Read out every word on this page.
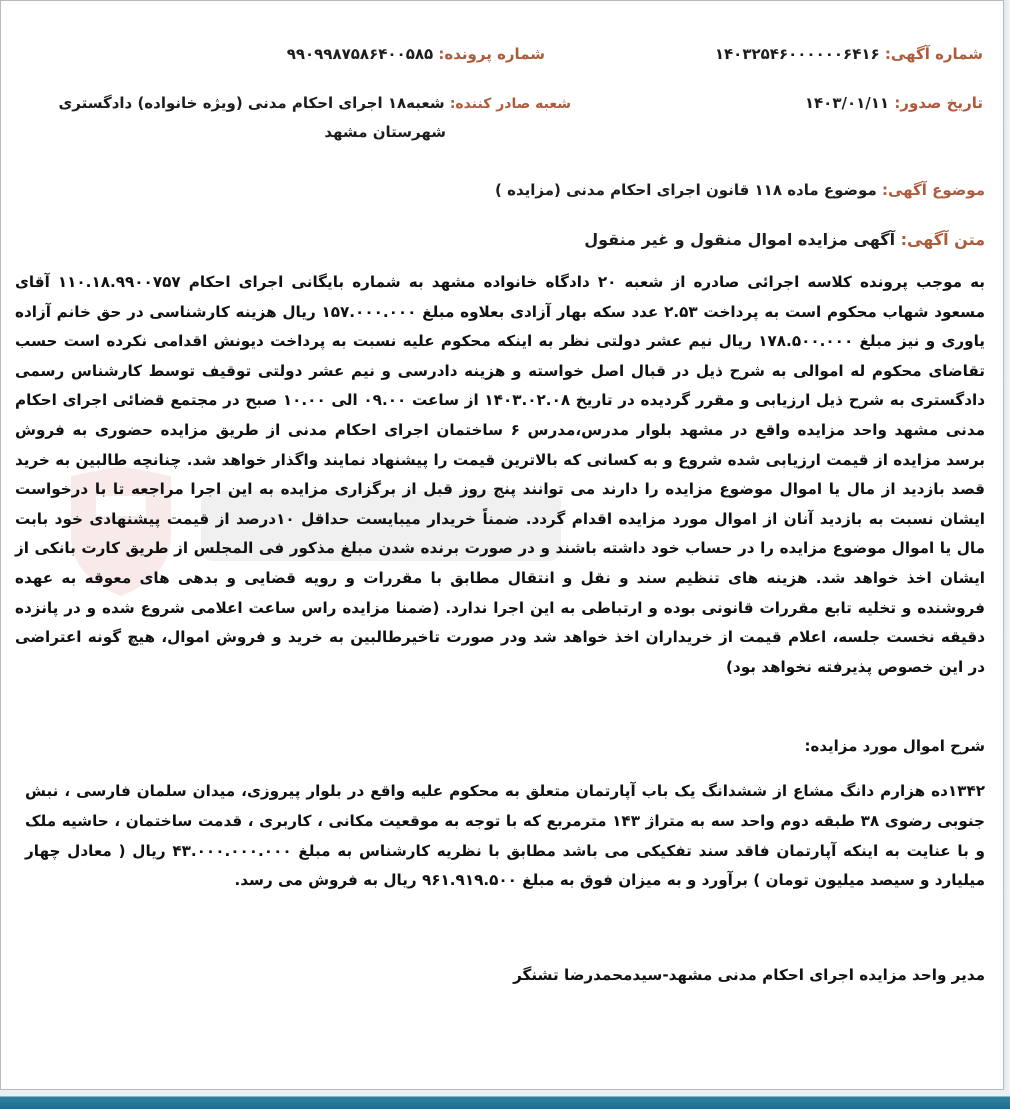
شماره آگهی: ۱۴۰۳۲۵۴۶۰۰۰۰۰۰۶۴۱۶
شماره پرونده: ۹۹۰۹۹۸۷۵۸۶۴۰۰۵۸۵
تاریخ صدور: ۱۴۰۳/۰۱/۱۱
شعبه صادر کننده: شعبه۱۸ اجرای احکام مدنی (ویژه خانواده) دادگستری
شهرستان مشهد
موضوع آگهی: موضوع ماده ۱۱۸ قانون اجرای احکام مدنی (مزایده )
متن آگهی: آگهی مزایده اموال منقول و غیر منقول

به موجب پرونده کلاسه اجرائی صادره از شعبه ۲۰ دادگاه خانواده مشهد به شماره بایگانی اجرای احکام ۱۱۰.۱۸.۹۹۰۰۷۵۷ آقای مسعود شهاب محکوم است به پرداخت ۲.۵۳ عدد سکه بهار آزادی بعلاوه مبلغ ۱۵۷.۰۰۰.۰۰۰ ریال هزینه کارشناسی در حق خانم آزاده یاوری و نیز مبلغ ۱۷۸.۵۰۰.۰۰۰ ریال نیم عشر دولتی نظر به اینکه محکوم علیه نسبت به پرداخت دیونش اقدامی نکرده است حسب تقاضای محکوم له اموالی به شرح ذیل در قبال اصل خواسته و هزینه دادرسی و نیم عشر دولتی توقیف توسط کارشناس رسمی دادگستری به شرح ذیل ارزیابی و مقرر گردیده در تاریخ ۱۴۰۳.۰۲.۰۸ از ساعت ۰۹.۰۰ الی ۱۰.۰۰ صبح در مجتمع قضائی اجرای احکام مدنی مشهد واحد مزایده واقع در مشهد بلوار مدرس،مدرس ۶ ساختمان اجرای احکام مدنی از طریق مزایده حضوری به فروش برسد مزایده از قیمت ارزیابی شده شروع و به کسانی که بالاترین قیمت را پیشنهاد نمایند واگذار خواهد شد. چنانچه طالبین به خرید قصد بازدید از مال یا اموال موضوع مزایده را دارند می توانند پنج روز قبل از برگزاری مزایده به این اجرا مراجعه تا با درخواست ایشان نسبت به بازدید آنان از اموال مورد مزایده اقدام گردد. ضمناً خریدار میبایست حداقل ۱۰درصد از قیمت پیشنهادی خود بابت مال یا اموال موضوع مزایده را در حساب خود داشته باشند و در صورت برنده شدن مبلغ مذکور فی المجلس از طریق کارت بانکی از ایشان اخذ خواهد شد. هزینه های تنظیم سند و نقل و انتقال مطابق با مقررات و رویه قضایی و بدهی های معوقه به عهده فروشنده و تخلیه تابع مقررات قانونی بوده و ارتباطی به این اجرا ندارد. (ضمنا مزایده راس ساعت اعلامی شروع شده و در پانزده دقیقه نخست جلسه، اعلام قیمت از خریداران اخذ خواهد شد ودر صورت تاخیرطالبین به خرید و فروش اموال، هیچ گونه اعتراضی در این خصوص پذیرفته نخواهد بود)

شرح اموال مورد مزایده:

۱۳۴۲ده هزارم دانگ مشاع از ششدانگ یک باب آپارتمان متعلق به محکوم علیه واقع در بلوار پیروزی، میدان سلمان فارسی ، نبش جنوبی رضوی ۳۸ طبقه دوم واحد سه به متراژ ۱۴۳ مترمربع که با توجه به موقعیت مکانی ، کاربری ، قدمت ساختمان ، حاشیه ملک و با عنایت به اینکه آپارتمان فاقد سند تفکیکی می باشد مطابق با نظریه کارشناس به مبلغ ۴۳.۰۰۰.۰۰۰.۰۰۰ ریال ( معادل چهار میلیارد و سیصد میلیون تومان ) برآورد و به میزان فوق به مبلغ ۹۶۱.۹۱۹.۵۰۰ ریال به فروش می رسد.

مدیر واحد مزایده اجرای احکام مدنی مشهد-سیدمحمدرضا تشنگر
